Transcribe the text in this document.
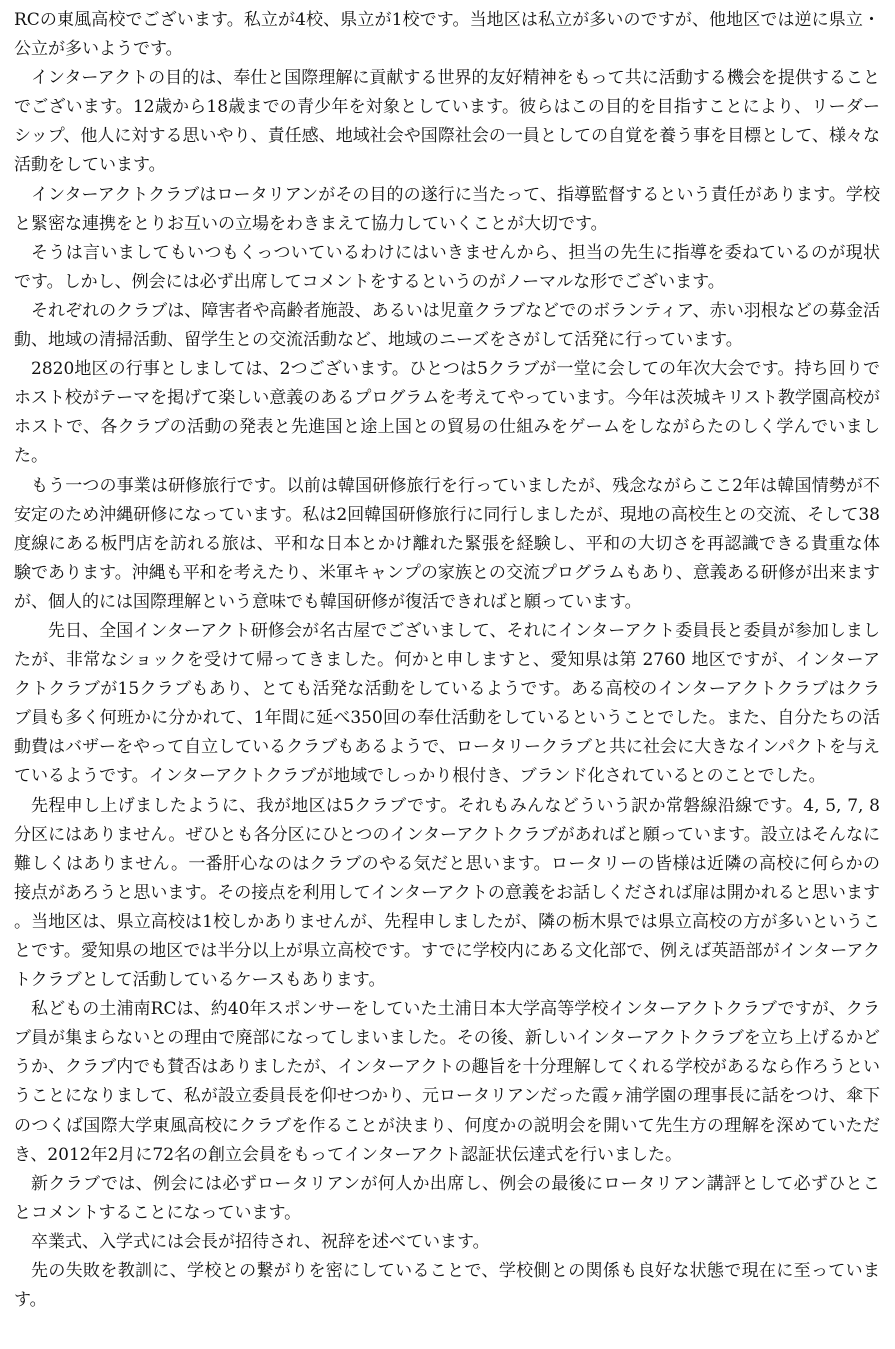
RCの東風高校でございます。私立が4校、県立が1校です。当地区は私立が多いのですが、他地区では逆に県立・公立が多いようです。

インターアクトの目的は、奉仕と国際理解に貢献する世界的友好精神をもって共に活動する機会を提供することでございます。12歳から18歳までの青少年を対象としています。彼らはこの目的を目指すことにより、リーダーシップ、他人に対する思いやり、責任感、地域社会や国際社会の一員としての自覚を養う事を目標として、様々な活動をしています。

インターアクトクラブはロータリアンがその目的の遂行に当たって、指導監督するという責任があります。学校と緊密な連携をとりお互いの立場をわきまえて協力していくことが大切です。

そうは言いましてもいつもくっついているわけにはいきませんから、担当の先生に指導を委ねているのが現状です。しかし、例会には必ず出席してコメントをするというのがノーマルな形でございます。

それぞれのクラブは、障害者や高齢者施設、あるいは児童クラブなどでのボランティア、赤い羽根などの募金活動、地域の清掃活動、留学生との交流活動など、地域のニーズをさがして活発に行っています。

2820地区の行事としましては、2つございます。ひとつは5クラブが一堂に会しての年次大会です。持ち回りでホスト校がテーマを掲げて楽しい意義のあるプログラムを考えてやっています。今年は茨城キリスト教学園高校がホストで、各クラブの活動の発表と先進国と途上国との貿易の仕組みをゲームをしながらたのしく学んでいました。

もう一つの事業は研修旅行です。以前は韓国研修旅行を行っていましたが、残念ながらここ2年は韓国情勢が不安定のため沖縄研修になっています。私は2回韓国研修旅行に同行しましたが、現地の高校生との交流、そして38度線にある板門店を訪れる旅は、平和な日本とかけ離れた緊張を経験し、平和の大切さを再認識できる貴重な体験であります。沖縄も平和を考えたり、米軍キャンプの家族との交流プログラムもあり、意義ある研修が出来ますが、個人的には国際理解という意味でも韓国研修が復活できればと願っています。

先日、全国インターアクト研修会が名古屋でございまして、それにインターアクト委員長と委員が参加しましたが、非常なショックを受けて帰ってきました。何かと申しますと、愛知県は第 2760 地区ですが、インターアクトクラブが15クラブもあり、とても活発な活動をしているようです。ある高校のインターアクトクラブはクラブ員も多く何班かに分かれて、1年間に延べ350回の奉仕活動をしているということでした。また、自分たちの活動費はバザーをやって自立しているクラブもあるようで、ロータリークラブと共に社会に大きなインパクトを与えているようです。インターアクトクラブが地域でしっかり根付き、ブランド化されているとのことでした。

先程申し上げましたように、我が地区は5クラブです。それもみんなどういう訳か常磐線沿線です。4, 5, 7, 8分区にはありません。ぜひとも各分区にひとつのインターアクトクラブがあればと願っています。設立はそんなに難しくはありません。一番肝心なのはクラブのやる気だと思います。ロータリーの皆様は近隣の高校に何らかの接点があろうと思います。その接点を利用してインターアクトの意義をお話しくだされば扉は開かれると思います。当地区は、県立高校は1校しかありませんが、先程申しましたが、隣の栃木県では県立高校の方が多いということです。愛知県の地区では半分以上が県立高校です。すでに学校内にある文化部で、例えば英語部がインターアクトクラブとして活動しているケースもあります。

私どもの土浦南RCは、約40年スポンサーをしていた土浦日本大学高等学校インターアクトクラブですが、クラブ員が集まらないとの理由で廃部になってしまいました。その後、新しいインターアクトクラブを立ち上げるかどうか、クラブ内でも賛否はありましたが、インターアクトの趣旨を十分理解してくれる学校があるなら作ろうということになりまして、私が設立委員長を仰せつかり、元ロータリアンだった霞ヶ浦学園の理事長に話をつけ、傘下のつくば国際大学東風高校にクラブを作ることが決まり、何度かの説明会を開いて先生方の理解を深めていただき、2012年2月に72名の創立会員をもってインターアクト認証状伝達式を行いました。

新クラブでは、例会には必ずロータリアンが何人か出席し、例会の最後にロータリアン講評として必ずひとことコメントすることになっています。

卒業式、入学式には会長が招待され、祝辞を述べています。

先の失敗を教訓に、学校との繋がりを密にしていることで、学校側との関係も良好な状態で現在に至っています。
